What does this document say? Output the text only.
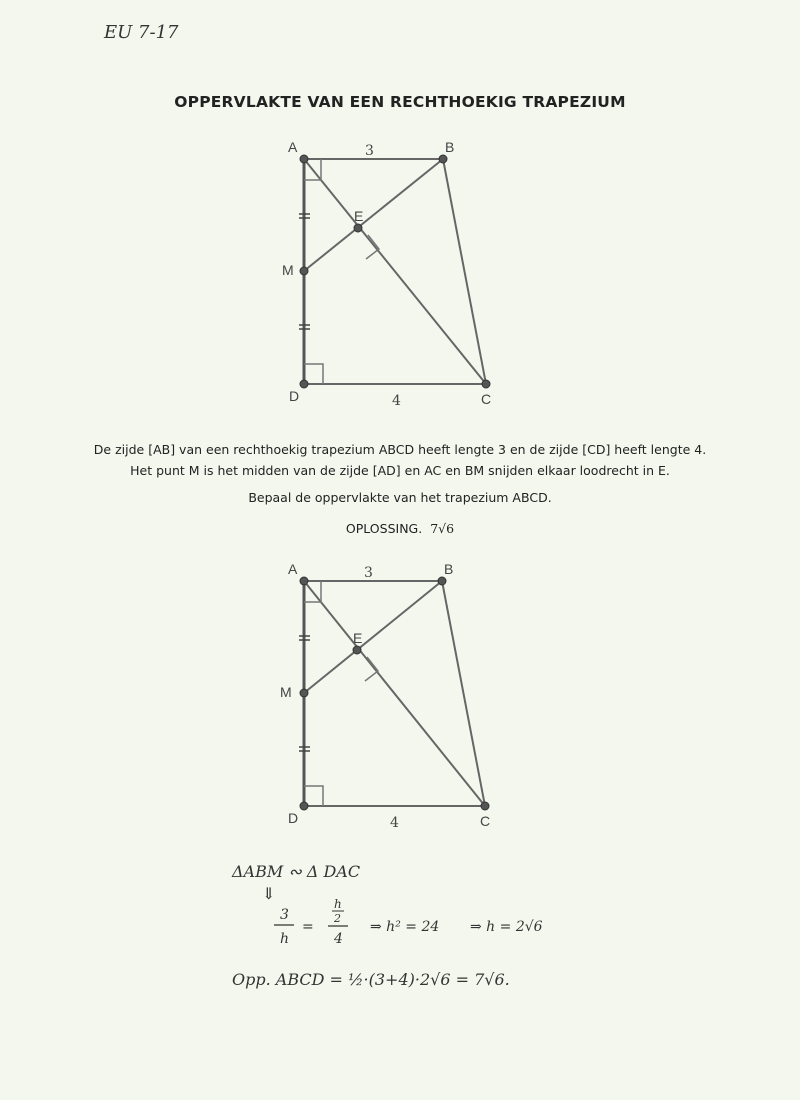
EU 7-17
OPPERVLAKTE VAN EEN RECHTHOEKIG TRAPEZIUM
De zijde [AB] van een rechthoekig trapezium ABCD heeft lengte 3 en de zijde [CD] heeft lengte 4.
Het punt M is het midden van de zijde [AD] en AC en BM snijden elkaar loodrecht in E.
Bepaal de oppervlakte van het trapezium ABCD.
OPLOSSING. 7√6
A	B
C
D
E
M
3
4
A	B
C
D
E
M
3
4
ΔABM ∾ Δ DAC
⇓
3
h
=
h
2
4
⇒ h² = 24 ⇒ h = 2√6
Opp. ABCD = ½·(3+4)·2√6 = 7√6.
